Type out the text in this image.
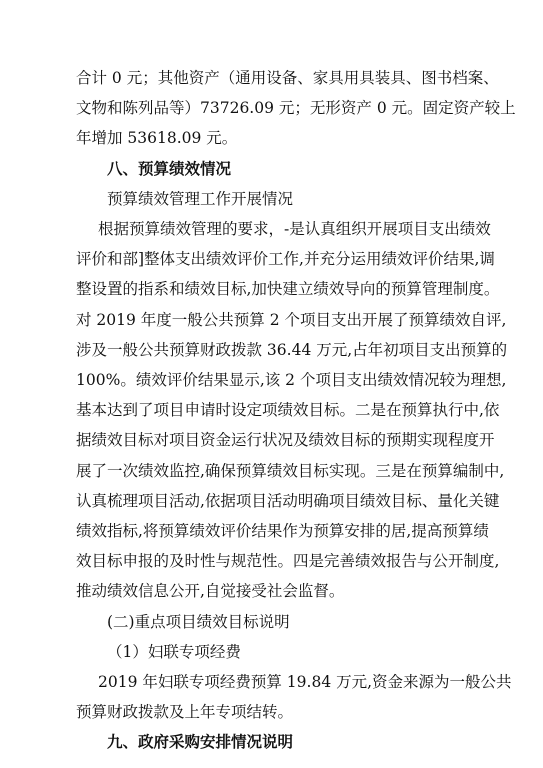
合计 0 元；其他资产（通用设备、家具用具装具、图书档案、
文物和陈列品等）73726.09 元；无形资产 0 元。固定资产较上
年增加 53618.09 元。
八、预算绩效情况
预算绩效管理工作开展情况
根据预算绩效管理的要求，-是认真组织开展项目支出绩效
评价和部]整体支出绩效评价工作,并充分运用绩效评价结果,调
整设置的指系和绩效目标,加快建立绩效导向的预算管理制度。
对 2019 年度一般公共预算 2 个项目支出开展了预算绩效自评,
涉及一般公共预算财政拨款 36.44 万元,占年初项目支出预算的
100%。绩效评价结果显示,该 2 个项目支出绩效情况较为理想,
基本达到了项目申请时设定项绩效目标。二是在预算执行中,依
据绩效目标对项目资金运行状况及绩效目标的预期实现程度开
展了一次绩效监控,确保预算绩效目标实现。三是在预算编制中,
认真梳理项目活动,依据项目活动明确项目绩效目标、量化关键
绩效指标,将预算绩效评价结果作为预算安排的居,提高预算绩
效目标申报的及时性与规范性。四是完善绩效报告与公开制度,
推动绩效信息公开,自觉接受社会监督。
(二)重点项目绩效目标说明
（1）妇联专项经费
2019 年妇联专项经费预算 19.84 万元,资金来源为一般公共
预算财政拨款及上年专项结转。
九、政府采购安排情况说明
